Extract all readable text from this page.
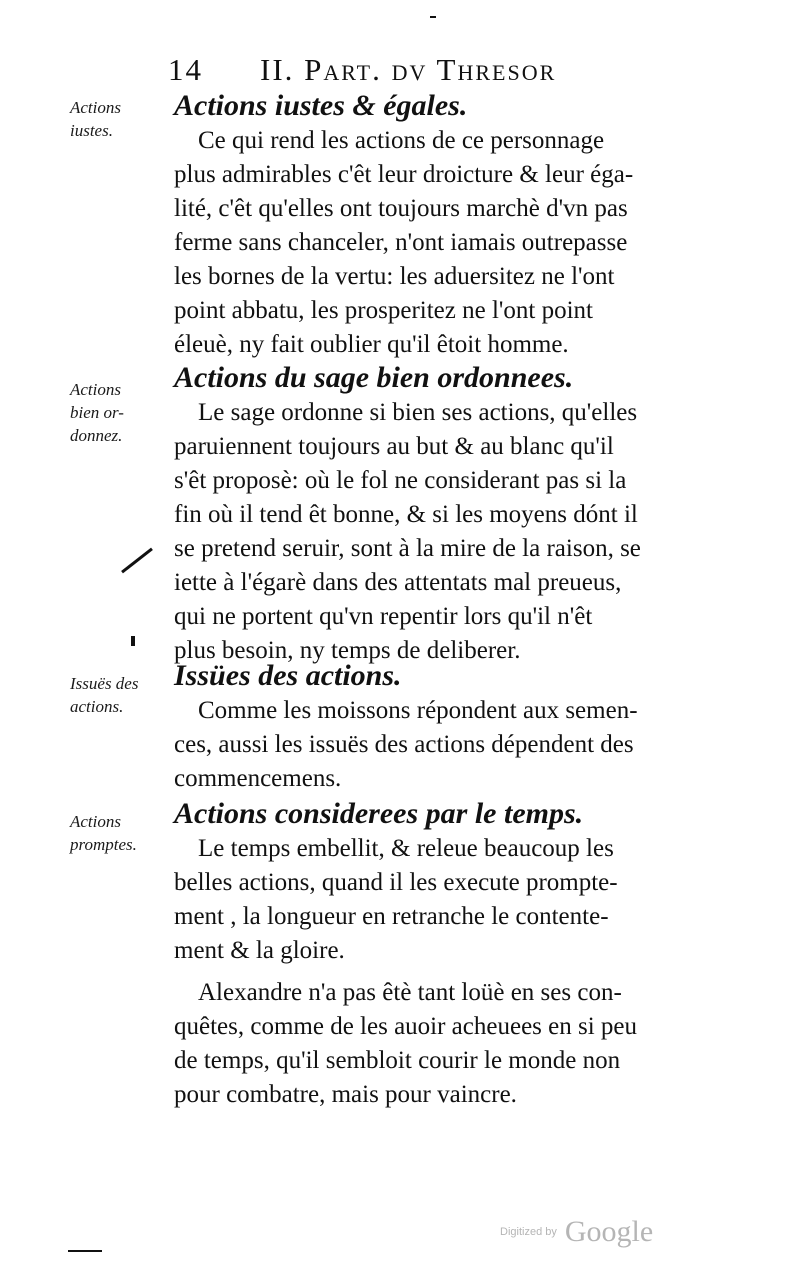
14 II. Part. dv Thresor
Actions
iustes.
Actions iustes & égales.

Ce qui rend les actions de ce personnage
plus admirables c'êt leur droicture & leur éga-
lité, c'êt qu'elles ont toujours marchè d'vn pas
ferme sans chanceler, n'ont iamais outrepasse
les bornes de la vertu: les aduersitez ne l'ont
point abbatu, les prosperitez ne l'ont point
éleuè, ny fait oublier qu'il êtoit homme.

Actions
bien or-
donnez.
Actions du sage bien ordonnees.

Le sage ordonne si bien ses actions, qu'elles
paruiennent toujours au but & au blanc qu'il
s'êt proposè: où le fol ne considerant pas si la
fin où il tend êt bonne, & si les moyens dónt il
se pretend seruir, sont à la mire de la raison, se
iette à l'égarè dans des attentats mal preueus,
qui ne portent qu'vn repentir lors qu'il n'êt
plus besoin, ny temps de deliberer.

Issuës des
actions.
Issües des actions.

Comme les moissons répondent aux semen-
ces, aussi les issuës des actions dépendent des
commencemens.

Actions
promptes.
Actions considerees par le temps.

Le temps embellit, & releue beaucoup les
belles actions, quand il les execute prompte-
ment , la longueur en retranche le contente-
ment & la gloire.

Alexandre n'a pas êtè tant loüè en ses con-
quêtes, comme de les auoir acheuees en si peu
de temps, qu'il sembloit courir le monde non
pour combatre, mais pour vaincre.

Digitized by Google
